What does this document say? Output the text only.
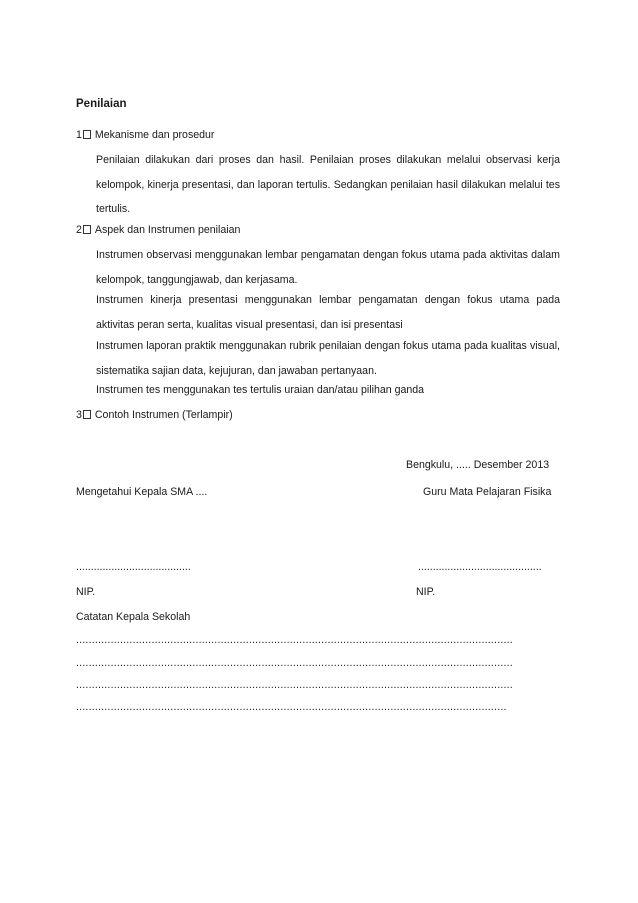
Penilaian
1 Mekanisme dan prosedur
Penilaian dilakukan dari proses dan hasil. Penilaian proses dilakukan melalui observasi kerja kelompok, kinerja presentasi, dan laporan tertulis. Sedangkan penilaian hasil dilakukan melalui tes tertulis.
2 Aspek dan Instrumen penilaian
Instrumen observasi menggunakan lembar pengamatan dengan fokus utama pada aktivitas dalam kelompok, tanggungjawab, dan kerjasama.
Instrumen kinerja presentasi menggunakan lembar pengamatan dengan fokus utama pada aktivitas peran serta, kualitas visual presentasi, dan isi presentasi
Instrumen laporan praktik menggunakan rubrik penilaian dengan fokus utama pada kualitas visual, sistematika sajian data, kejujuran, dan jawaban pertanyaan.
Instrumen tes menggunakan tes tertulis uraian dan/atau pilihan ganda
3 Contoh Instrumen (Terlampir)
Bengkulu, ..... Desember 2013
Mengetahui Kepala SMA ....	Guru Mata Pelajaran Fisika
.......................................	..........................................
NIP.	NIP.
Catatan Kepala Sekolah
...........................................................................................................................................
...........................................................................................................................................
...........................................................................................................................................
.........................................................................................................................................
